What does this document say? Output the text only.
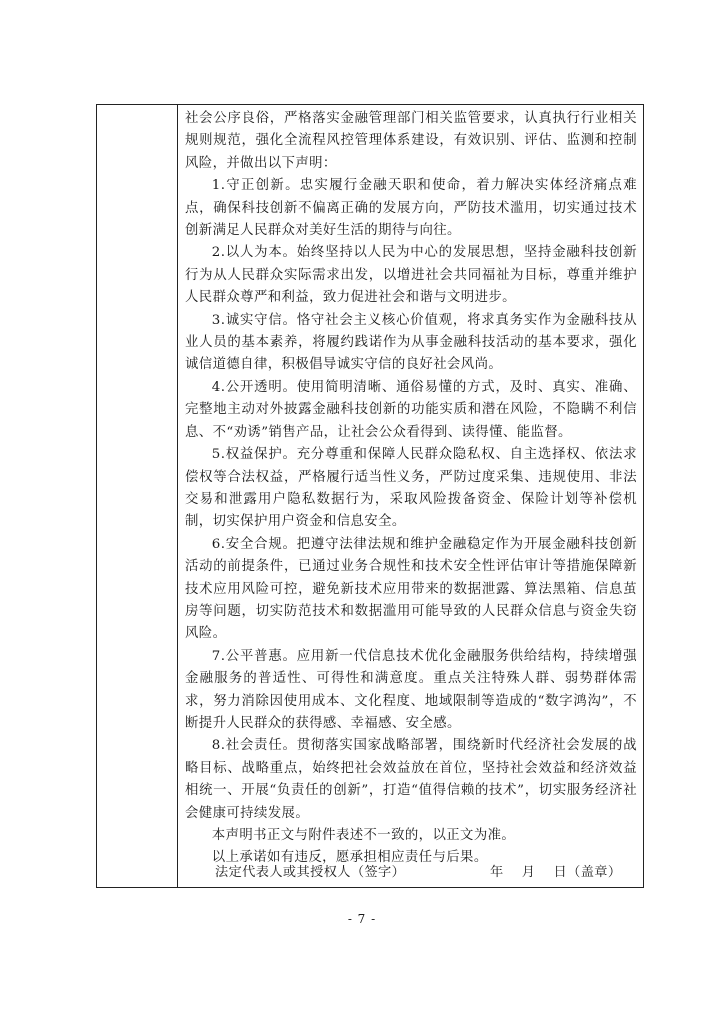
社会公序良俗，严格落实金融管理部门相关监管要求，认真执行行业相关规则规范，强化全流程风控管理体系建设，有效识别、评估、监测和控制风险，并做出以下声明：

1.守正创新。忠实履行金融天职和使命，着力解决实体经济痛点难点，确保科技创新不偏离正确的发展方向，严防技术滥用，切实通过技术创新满足人民群众对美好生活的期待与向往。

2.以人为本。始终坚持以人民为中心的发展思想，坚持金融科技创新行为从人民群众实际需求出发，以增进社会共同福祉为目标，尊重并维护人民群众尊严和利益，致力促进社会和谐与文明进步。

3.诚实守信。恪守社会主义核心价值观，将求真务实作为金融科技从业人员的基本素养，将履约践诺作为从事金融科技活动的基本要求，强化诚信道德自律，积极倡导诚实守信的良好社会风尚。

4.公开透明。使用简明清晰、通俗易懂的方式，及时、真实、准确、完整地主动对外披露金融科技创新的功能实质和潜在风险，不隐瞒不利信息、不“劝诱”销售产品，让社会公众看得到、读得懂、能监督。

5.权益保护。充分尊重和保障人民群众隐私权、自主选择权、依法求偿权等合法权益，严格履行适当性义务，严防过度采集、违规使用、非法交易和泄露用户隐私数据行为，采取风险拨备资金、保险计划等补偿机制，切实保护用户资金和信息安全。

6.安全合规。把遵守法律法规和维护金融稳定作为开展金融科技创新活动的前提条件，已通过业务合规性和技术安全性评估审计等措施保障新技术应用风险可控，避免新技术应用带来的数据泄露、算法黑箱、信息茧房等问题，切实防范技术和数据滥用可能导致的人民群众信息与资金失窃风险。

7.公平普惠。应用新一代信息技术优化金融服务供给结构，持续增强金融服务的普适性、可得性和满意度。重点关注特殊人群、弱势群体需求，努力消除因使用成本、文化程度、地域限制等造成的“数字鸿沟”，不断提升人民群众的获得感、幸福感、安全感。

8.社会责任。贯彻落实国家战略部署，围绕新时代经济社会发展的战略目标、战略重点，始终把社会效益放在首位，坚持社会效益和经济效益相统一、开展“负责任的创新”，打造“值得信赖的技术”，切实服务经济社会健康可持续发展。

本声明书正文与附件表述不一致的，以正文为准。

以上承诺如有违反，愿承担相应责任与后果。

法定代表人或其授权人（签字）	年　 月　 日（盖章）
- 7 -
